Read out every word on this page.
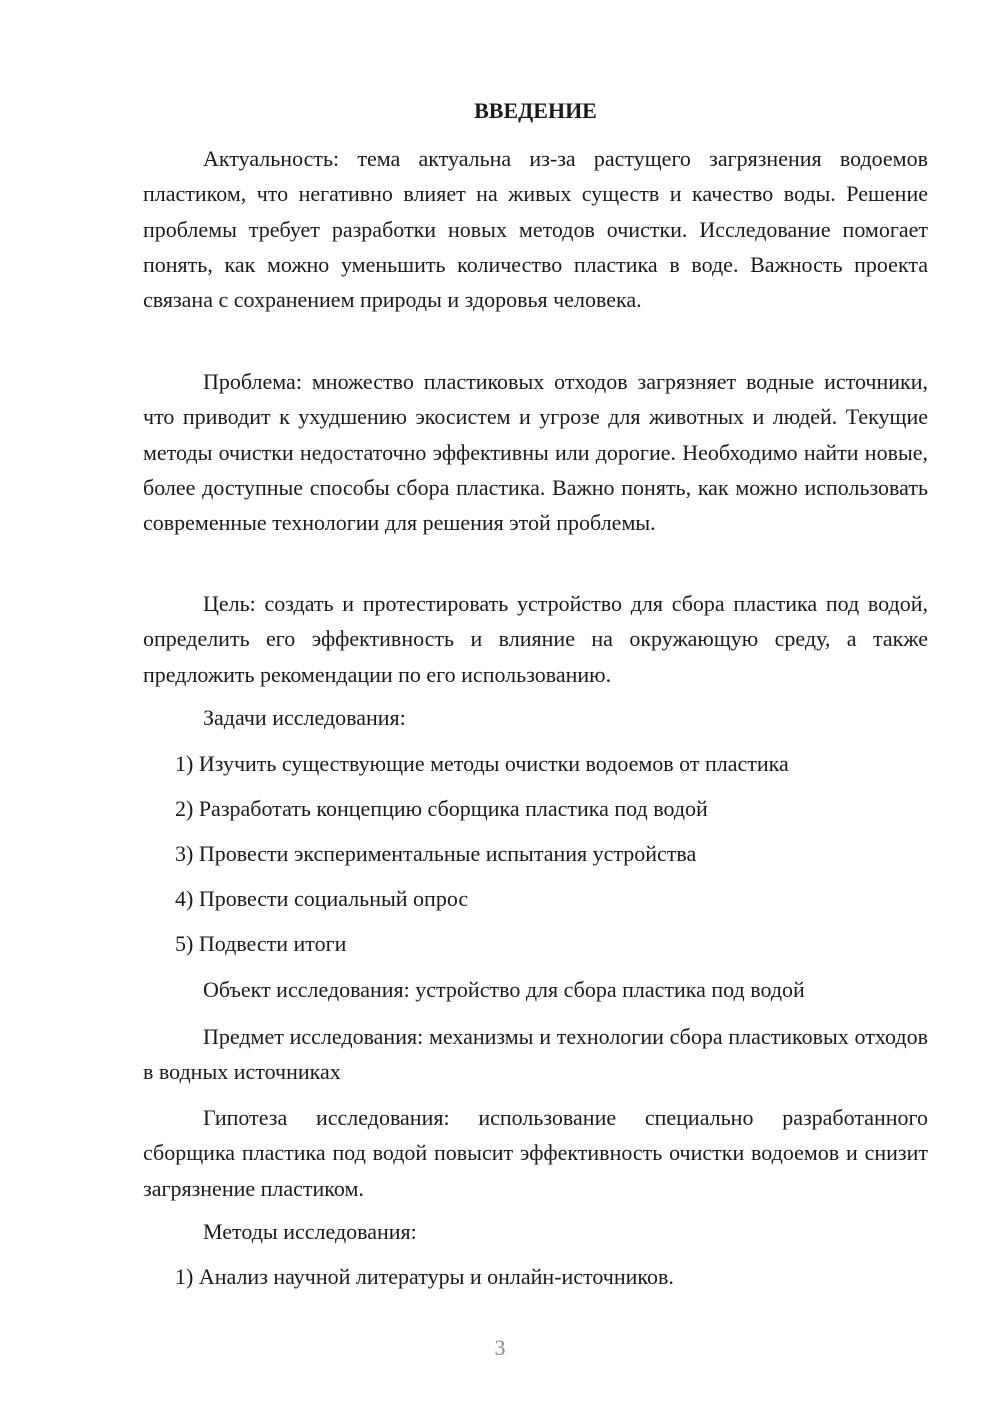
ВВЕДЕНИЕ

Актуальность: тема актуальна из-за растущего загрязнения водоемов пластиком, что негативно влияет на живых существ и качество воды. Решение проблемы требует разработки новых методов очистки. Исследование помогает понять, как можно уменьшить количество пластика в воде. Важность проекта связана с сохранением природы и здоровья человека.

Проблема: множество пластиковых отходов загрязняет водные источники, что приводит к ухудшению экосистем и угрозе для животных и людей. Текущие методы очистки недостаточно эффективны или дорогие. Необходимо найти новые, более доступные способы сбора пластика. Важно понять, как можно использовать современные технологии для решения этой проблемы.

Цель: создать и протестировать устройство для сбора пластика под водой, определить его эффективность и влияние на окружающую среду, а также предложить рекомендации по его использованию.

Задачи исследования:

1) Изучить существующие методы очистки водоемов от пластика

2) Разработать концепцию сборщика пластика под водой

3) Провести экспериментальные испытания устройства

4) Провести социальный опрос

5) Подвести итоги

Объект исследования: устройство для сбора пластика под водой

Предмет исследования: механизмы и технологии сбора пластиковых отходов в водных источниках

Гипотеза исследования: использование специально разработанного сборщика пластика под водой повысит эффективность очистки водоемов и снизит загрязнение пластиком.

Методы исследования:

1) Анализ научной литературы и онлайн-источников.

3
